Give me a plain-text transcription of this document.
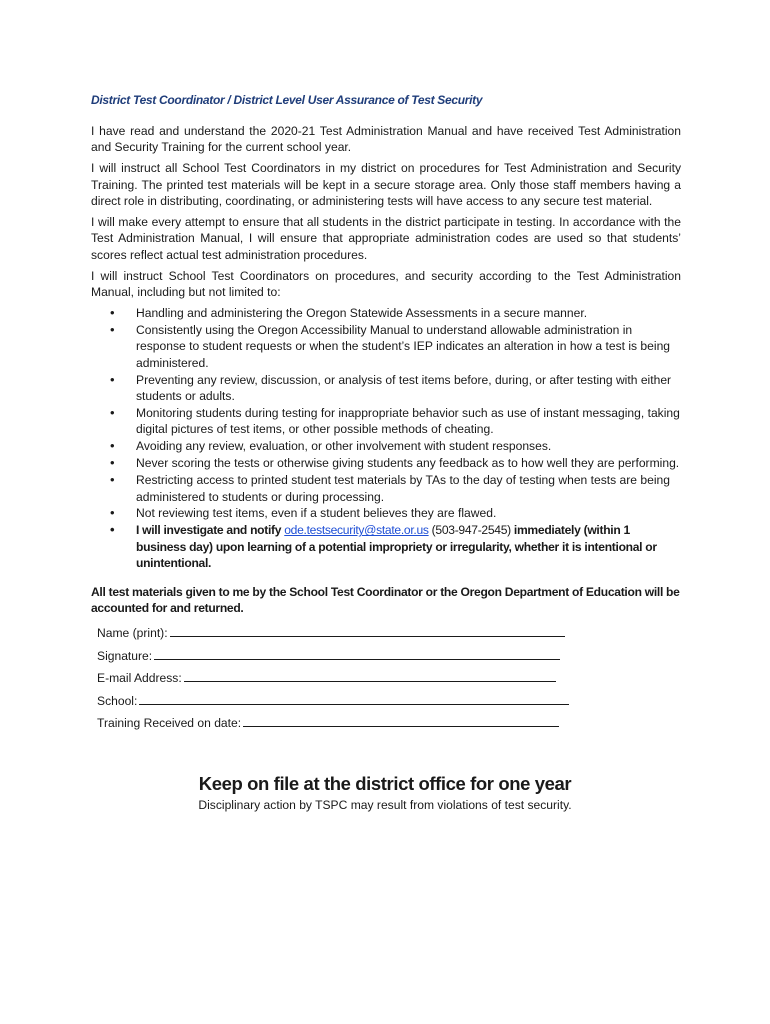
District Test Coordinator / District Level User Assurance of Test Security

I have read and understand the 2020-21 Test Administration Manual and have received Test Administration and Security Training for the current school year.

I will instruct all School Test Coordinators in my district on procedures for Test Administration and Security Training. The printed test materials will be kept in a secure storage area. Only those staff members having a direct role in distributing, coordinating, or administering tests will have access to any secure test material.

I will make every attempt to ensure that all students in the district participate in testing. In accordance with the Test Administration Manual, I will ensure that appropriate administration codes are used so that students’ scores reflect actual test administration procedures.

I will instruct School Test Coordinators on procedures, and security according to the Test Administration Manual, including but not limited to:

• Handling and administering the Oregon Statewide Assessments in a secure manner.
• Consistently using the Oregon Accessibility Manual to understand allowable administration in response to student requests or when the student’s IEP indicates an alteration in how a test is being administered.
• Preventing any review, discussion, or analysis of test items before, during, or after testing with either students or adults.
• Monitoring students during testing for inappropriate behavior such as use of instant messaging, taking digital pictures of test items, or other possible methods of cheating.
• Avoiding any review, evaluation, or other involvement with student responses.
• Never scoring the tests or otherwise giving students any feedback as to how well they are performing.
• Restricting access to printed student test materials by TAs to the day of testing when tests are being administered to students or during processing.
• Not reviewing test items, even if a student believes they are flawed.
• I will investigate and notify ode.testsecurity@state.or.us (503-947-2545) immediately (within 1 business day) upon learning of a potential impropriety or irregularity, whether it is intentional or unintentional.

All test materials given to me by the School Test Coordinator or the Oregon Department of Education will be accounted for and returned.

Name (print):
Signature:
E-mail Address:
School:
Training Received on date:
Keep on file at the district office for one year
Disciplinary action by TSPC may result from violations of test security.
